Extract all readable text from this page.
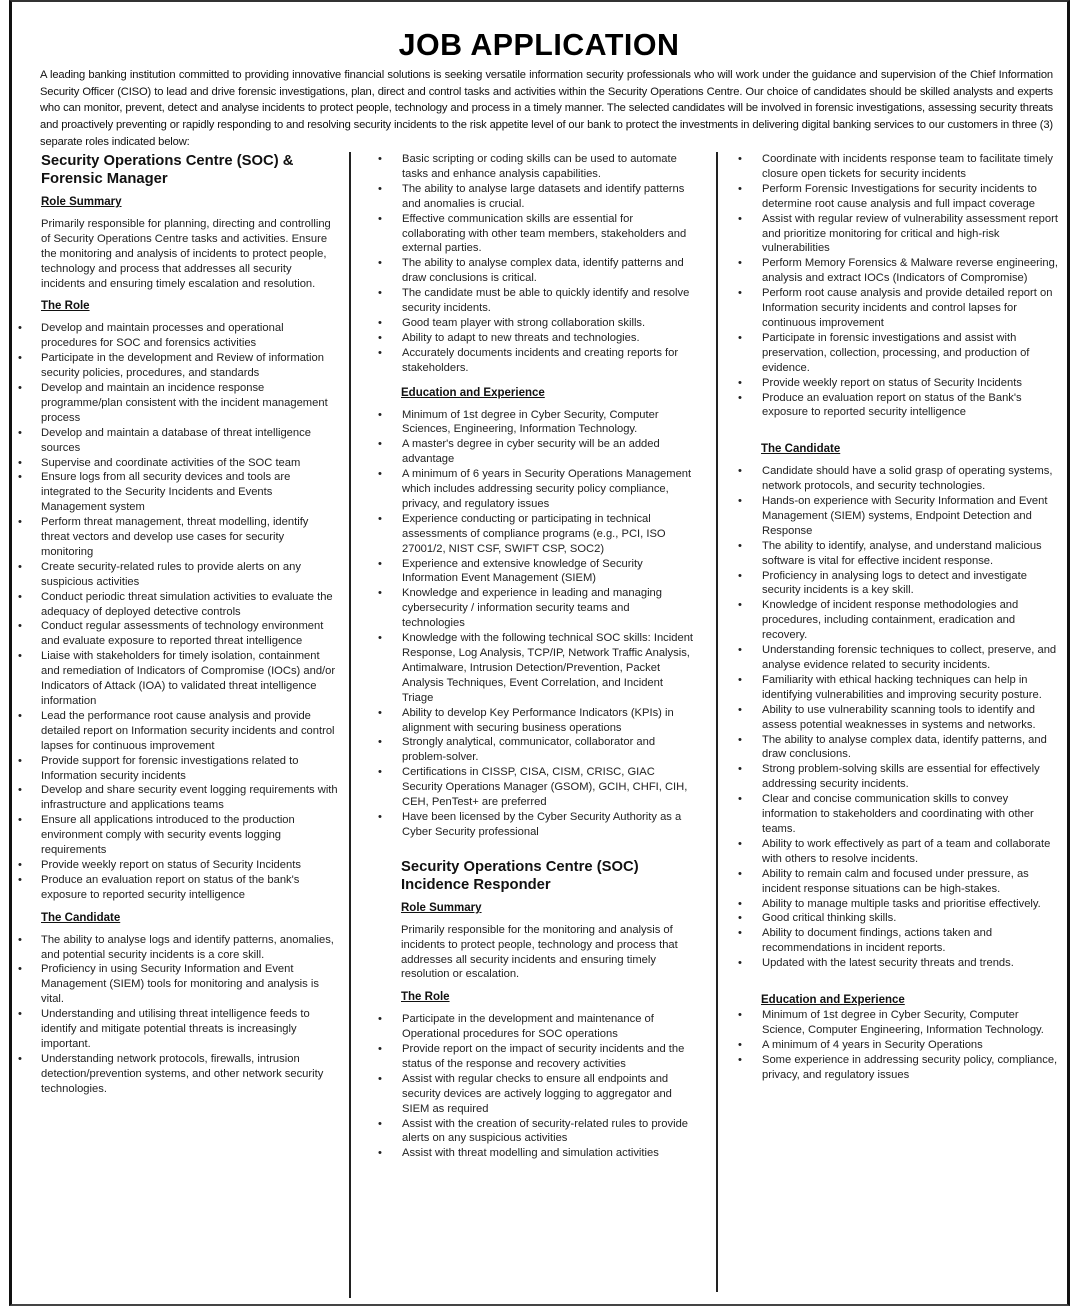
JOB APPLICATION

A leading banking institution committed to providing innovative financial solutions is seeking versatile information security professionals who will work under the guidance and supervision of the Chief Information Security Officer (CISO) to lead and drive forensic investigations, plan, direct and control tasks and activities within the Security Operations Centre. Our choice of candidates should be skilled analysts and experts who can monitor, prevent, detect and analyse incidents to protect people, technology and process in a timely manner. The selected candidates will be involved in forensic investigations, assessing security threats and proactively preventing or rapidly responding to and resolving security incidents to the risk appetite level of our bank to protect the investments in delivering digital banking services to our customers in three (3) separate roles indicated below:

Security Operations Centre (SOC) & Forensic Manager
Role Summary

Primarily responsible for planning, directing and controlling of Security Operations Centre tasks and activities. Ensure the monitoring and analysis of incidents to protect people, technology and process that addresses all security incidents and ensuring timely escalation and resolution.

The Role
•	Develop and maintain processes and operational procedures for SOC and forensics activities
•	Participate in the development and Review of information security policies, procedures, and standards
•	Develop and maintain an incidence response programme/plan consistent with the incident management process
•	Develop and maintain a database of threat intelligence sources
•	Supervise and coordinate activities of the SOC team
•	Ensure logs from all security devices and tools are integrated to the Security Incidents and Events Management system
•	Perform threat management, threat modelling, identify threat vectors and develop use cases for security monitoring
•	Create security-related rules to provide alerts on any suspicious activities
•	Conduct periodic threat simulation activities to evaluate the adequacy of deployed detective controls
•	Conduct regular assessments of technology environment and evaluate exposure to reported threat intelligence
•	Liaise with stakeholders for timely isolation, containment and remediation of Indicators of Compromise (IOCs) and/or Indicators of Attack (IOA) to validated threat intelligence information
•	Lead the performance root cause analysis and provide detailed report on Information security incidents and control lapses for continuous improvement
•	Provide support for forensic investigations related to Information security incidents
•	Develop and share security event logging requirements with infrastructure and applications teams
•	Ensure all applications introduced to the production environment comply with security events logging requirements
•	Provide weekly report on status of Security Incidents
•	Produce an evaluation report on status of the bank's exposure to reported security intelligence
The Candidate
•	The ability to analyse logs and identify patterns, anomalies, and potential security incidents is a core skill.
•	Proficiency in using Security Information and Event Management (SIEM) tools for monitoring and analysis is vital.
•	Understanding and utilising threat intelligence feeds to identify and mitigate potential threats is increasingly important.
•	Understanding network protocols, firewalls, intrusion detection/prevention systems, and other network security technologies.
•	Basic scripting or coding skills can be used to automate tasks and enhance analysis capabilities.
•	The ability to analyse large datasets and identify patterns and anomalies is crucial.
•	Effective communication skills are essential for collaborating with other team members, stakeholders and external parties.
•	The ability to analyse complex data, identify patterns and draw conclusions is critical.
•	The candidate must be able to quickly identify and resolve security incidents.
•	Good team player with strong collaboration skills.
•	Ability to adapt to new threats and technologies.
•	Accurately documents incidents and creating reports for stakeholders.
Education and Experience
•	Minimum of 1st degree in Cyber Security, Computer Sciences, Engineering, Information Technology.
•	A master's degree in cyber security will be an added advantage
•	A minimum of 6 years in Security Operations Management which includes addressing security policy compliance, privacy, and regulatory issues
•	Experience conducting or participating in technical assessments of compliance programs (e.g., PCI, ISO 27001/2, NIST CSF, SWIFT CSP, SOC2)
•	Experience and extensive knowledge of Security Information Event Management (SIEM)
•	Knowledge and experience in leading and managing cybersecurity / information security teams and technologies
•	Knowledge with the following technical SOC skills: Incident Response, Log Analysis, TCP/IP, Network Traffic Analysis, Antimalware, Intrusion Detection/Prevention, Packet Analysis Techniques, Event Correlation, and Incident Triage
•	Ability to develop Key Performance Indicators (KPIs) in alignment with securing business operations
•	Strongly analytical, communicator, collaborator and problem-solver.
•	Certifications in CISSP, CISA, CISM, CRISC, GIAC Security Operations Manager (GSOM), GCIH, CHFI, CIH, CEH, PenTest+ are preferred
•	Have been licensed by the Cyber Security Authority as a Cyber Security professional
Security Operations Centre (SOC) Incidence Responder
Role Summary

Primarily responsible for the monitoring and analysis of incidents to protect people, technology and process that addresses all security incidents and ensuring timely resolution or escalation.

The Role
•	Participate in the development and maintenance of Operational procedures for SOC operations
•	Provide report on the impact of security incidents and the status of the response and recovery activities
•	Assist with regular checks to ensure all endpoints and security devices are actively logging to aggregator and SIEM as required
•	Assist with the creation of security-related rules to provide alerts on any suspicious activities
•	Assist with threat modelling and simulation activities
•	Coordinate with incidents response team to facilitate timely closure open tickets for security incidents
•	Perform Forensic Investigations for security incidents to determine root cause analysis and full impact coverage
•	Assist with regular review of vulnerability assessment report and prioritize monitoring for critical and high-risk vulnerabilities
•	Perform Memory Forensics & Malware reverse engineering, analysis and extract IOCs (Indicators of Compromise)
•	Perform root cause analysis and provide detailed report on Information security incidents and control lapses for continuous improvement
•	Participate in forensic investigations and assist with preservation, collection, processing, and production of evidence.
•	Provide weekly report on status of Security Incidents
•	Produce an evaluation report on status of the Bank's exposure to reported security intelligence
The Candidate
•	Candidate should have a solid grasp of operating systems, network protocols, and security technologies.
•	Hands-on experience with Security Information and Event Management (SIEM) systems, Endpoint Detection and Response
•	The ability to identify, analyse, and understand malicious software is vital for effective incident response.
•	Proficiency in analysing logs to detect and investigate security incidents is a key skill.
•	Knowledge of incident response methodologies and procedures, including containment, eradication and recovery.
•	Understanding forensic techniques to collect, preserve, and analyse evidence related to security incidents.
•	Familiarity with ethical hacking techniques can help in identifying vulnerabilities and improving security posture.
•	Ability to use vulnerability scanning tools to identify and assess potential weaknesses in systems and networks.
•	The ability to analyse complex data, identify patterns, and draw conclusions.
•	Strong problem-solving skills are essential for effectively addressing security incidents.
•	Clear and concise communication skills to convey information to stakeholders and coordinating with other teams.
•	Ability to work effectively as part of a team and collaborate with others to resolve incidents.
•	Ability to remain calm and focused under pressure, as incident response situations can be high-stakes.
•	Ability to manage multiple tasks and prioritise effectively.
•	Good critical thinking skills.
•	Ability to document findings, actions taken and recommendations in incident reports.
•	Updated with the latest security threats and trends.
Education and Experience
•	Minimum of 1st degree in Cyber Security, Computer Science, Computer Engineering, Information Technology.
•	A minimum of 4 years in Security Operations
•	Some experience in addressing security policy, compliance, privacy, and regulatory issues
